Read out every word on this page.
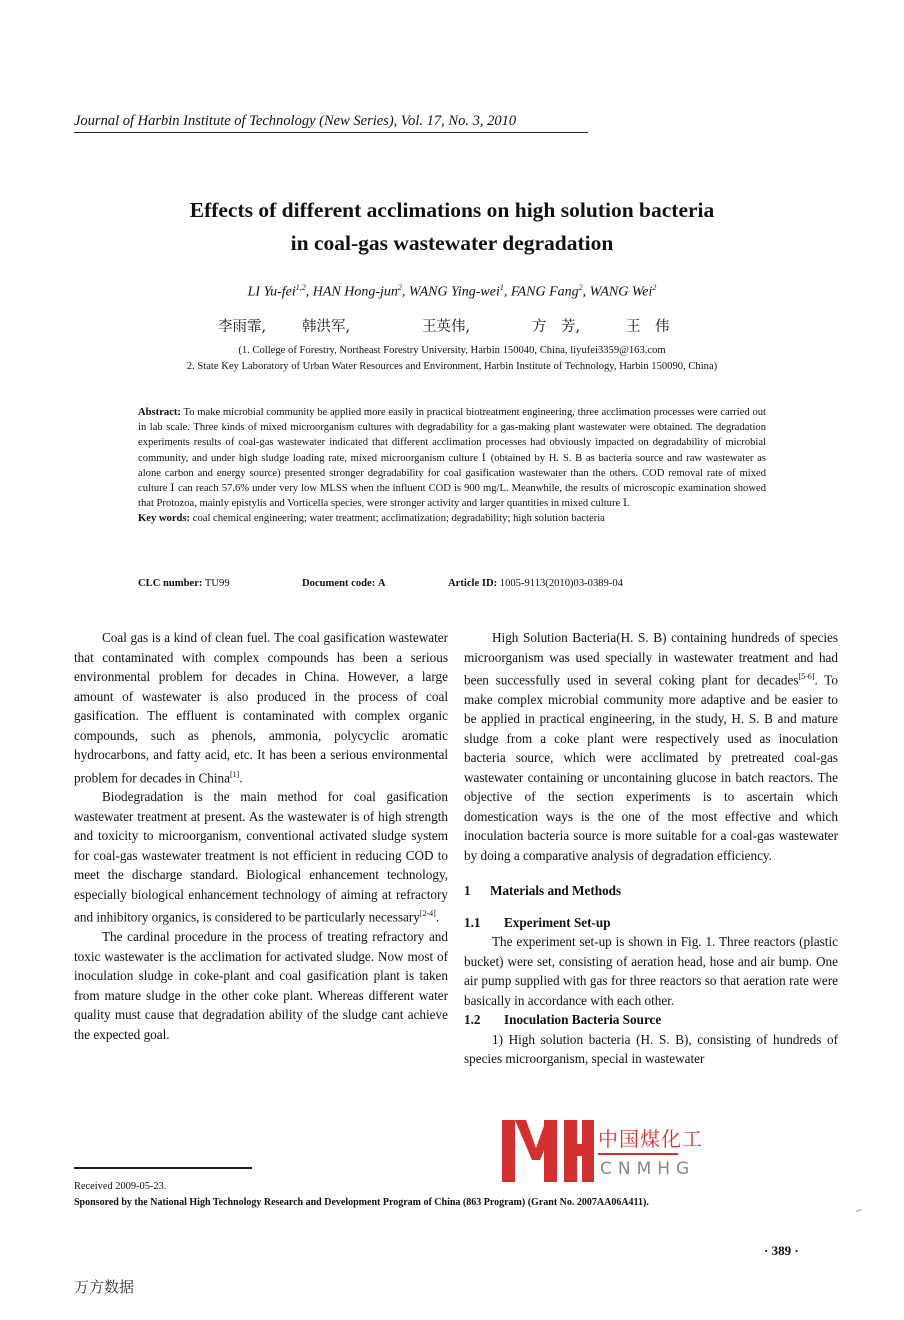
Journal of Harbin Institute of Technology (New Series), Vol. 17, No. 3, 2010
Effects of different acclimations on high solution bacteria
in coal-gas wastewater degradation
LI Yu-fei$^{1,2}$, HAN Hong-jun$^2$, WANG Ying-wei$^1$, FANG Fang$^2$, WANG Wei$^2$
李雨霏, 韩洪军,	王英伟,	方　芳,	王　伟
(1. College of Forestry, Northeast Forestry University, Harbin 150040, China, liyufei3359@163.com
2. State Key Laboratory of Urban Water Resources and Environment, Harbin Institute of Technology, Harbin 150090, China)
Abstract: To make microbial community be applied more easily in practical biotreatment engineering, three acclimation processes were carried out in lab scale. Three kinds of mixed microorganism cultures with degradability for a gas-making plant wastewater were obtained. The degradation experiments results of coal-gas wastewater indicated that different acclimation processes had obviously impacted on degradability of microbial community, and under high sludge loading rate, mixed microorganism culture Ⅰ (obtained by H. S. B as bacteria source and raw wastewater as alone carbon and energy source) presented stronger degradability for coal gasification wastewater than the others. COD removal rate of mixed culture Ⅰ can reach 57.6% under very low MLSS when the influent COD is 900 mg/L. Meanwhile, the results of microscopic examination showed that Protozoa, mainly epistylis and Vorticella species, were stronger activity and larger quantities in mixed culture Ⅰ.
Key words: coal chemical engineering; water treatment; acclimatization; degradability; high solution bacteria
CLC number: TU99	Document code: A	Article ID: 1005-9113(2010)03-0389-04

Coal gas is a kind of clean fuel. The coal gasification wastewater that contaminated with complex compounds has been a serious environmental problem for decades in China. However, a large amount of wastewater is also produced in the process of coal gasification. The effluent is contaminated with complex organic compounds, such as phenols, ammonia, polycyclic aromatic hydrocarbons, and fatty acid, etc. It has been a serious environmental problem for decades in China[1].

Biodegradation is the main method for coal gasification wastewater treatment at present. As the wastewater is of high strength and toxicity to microorganism, conventional activated sludge system for coal-gas wastewater treatment is not efficient in reducing COD to meet the discharge standard. Biological enhancement technology, especially biological enhancement technology of aiming at refractory and inhibitory organics, is considered to be particularly necessary[2-4].

The cardinal procedure in the process of treating refractory and toxic wastewater is the acclimation for activated sludge. Now most of inoculation sludge in coke-plant and coal gasification plant is taken from mature sludge in the other coke plant. Whereas different water quality must cause that degradation ability of the sludge cant achieve the expected goal.

High Solution Bacteria(H. S. B) containing hundreds of species microorganism was used specially in wastewater treatment and had been successfully used in several coking plant for decades[5-6]. To make complex microbial community more adaptive and be easier to be applied in practical engineering, in the study, H. S. B and mature sludge from a coke plant were respectively used as inoculation bacteria source, which were acclimated by pretreated coal-gas wastewater containing or uncontaining glucose in batch reactors. The objective of the section experiments is to ascertain which domestication ways is the one of the most effective and which inoculation bacteria source is more suitable for a coal-gas wastewater by doing a comparative analysis of degradation efficiency.

1 Materials and Methods
1.1 Experiment Set-up

The experiment set-up is shown in Fig. 1. Three reactors (plastic bucket) were set, consisting of aeration head, hose and air bump. One air pump supplied with gas for three reactors so that aeration rate were basically in accordance with each other.

1.2 Inoculation Bacteria Source

1) High solution bacteria (H. S. B), consisting of hundreds of species microorganism, special in wastewater

中国煤化工
CNMHG
Received 2009-05-23.
Sponsored by the National High Technology Research and Development Program of China (863 Program) (Grant No. 2007AA06A411).
· 389 ·
万方数据
